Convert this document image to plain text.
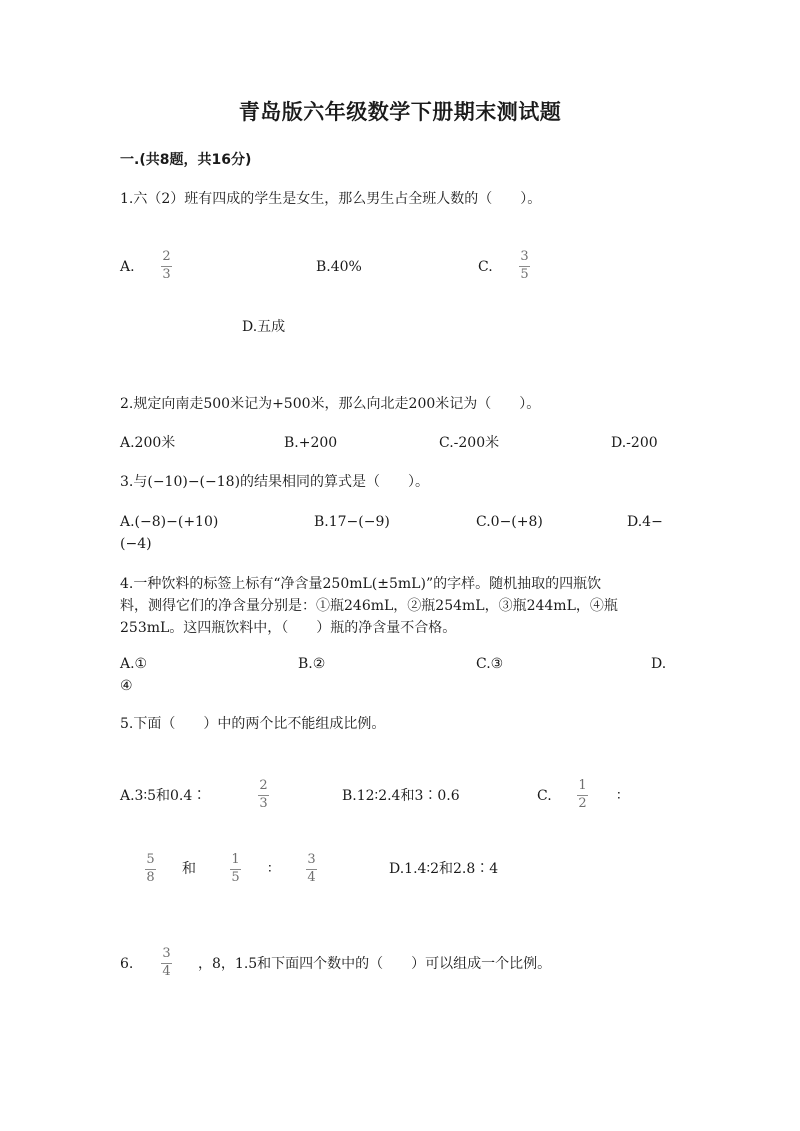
青岛版六年级数学下册期末测试题
一.(共8题，共16分)
1.六（2）班有四成的学生是女生，那么男生占全班人数的（　　）。
A.
2
3	B.40%	C.
3
5
D.五成
2.规定向南走500米记为+500米，那么向北走200米记为（　　）。
A.200米	B.+200	C.-200米	D.-200
3.与(−10)−(−18)的结果相同的算式是（　　）。
A.(−8)−(+10)	B.17−(−9)	C.0−(+8)	D.4−
(−4)
4.一种饮料的标签上标有“净含量250mL(±5mL)”的字样。随机抽取的四瓶饮
料，测得它们的净含量分别是：①瓶246mL，②瓶254mL，③瓶244mL，④瓶
253mL。这四瓶饮料中，（　　）瓶的净含量不合格。
A.①	B.②	C.③	D.
④
5.下面（　　）中的两个比不能组成比例。
A.3∶5和0.4∶
2
3	B.12∶2.4和3∶0.6	C.
1
2 ∶
5
8
和
1
5
∶
3
4
D.1.4∶2和2.8∶4
6.
3
4 ，8，1.5和下面四个数中的（　　）可以组成一个比例。
